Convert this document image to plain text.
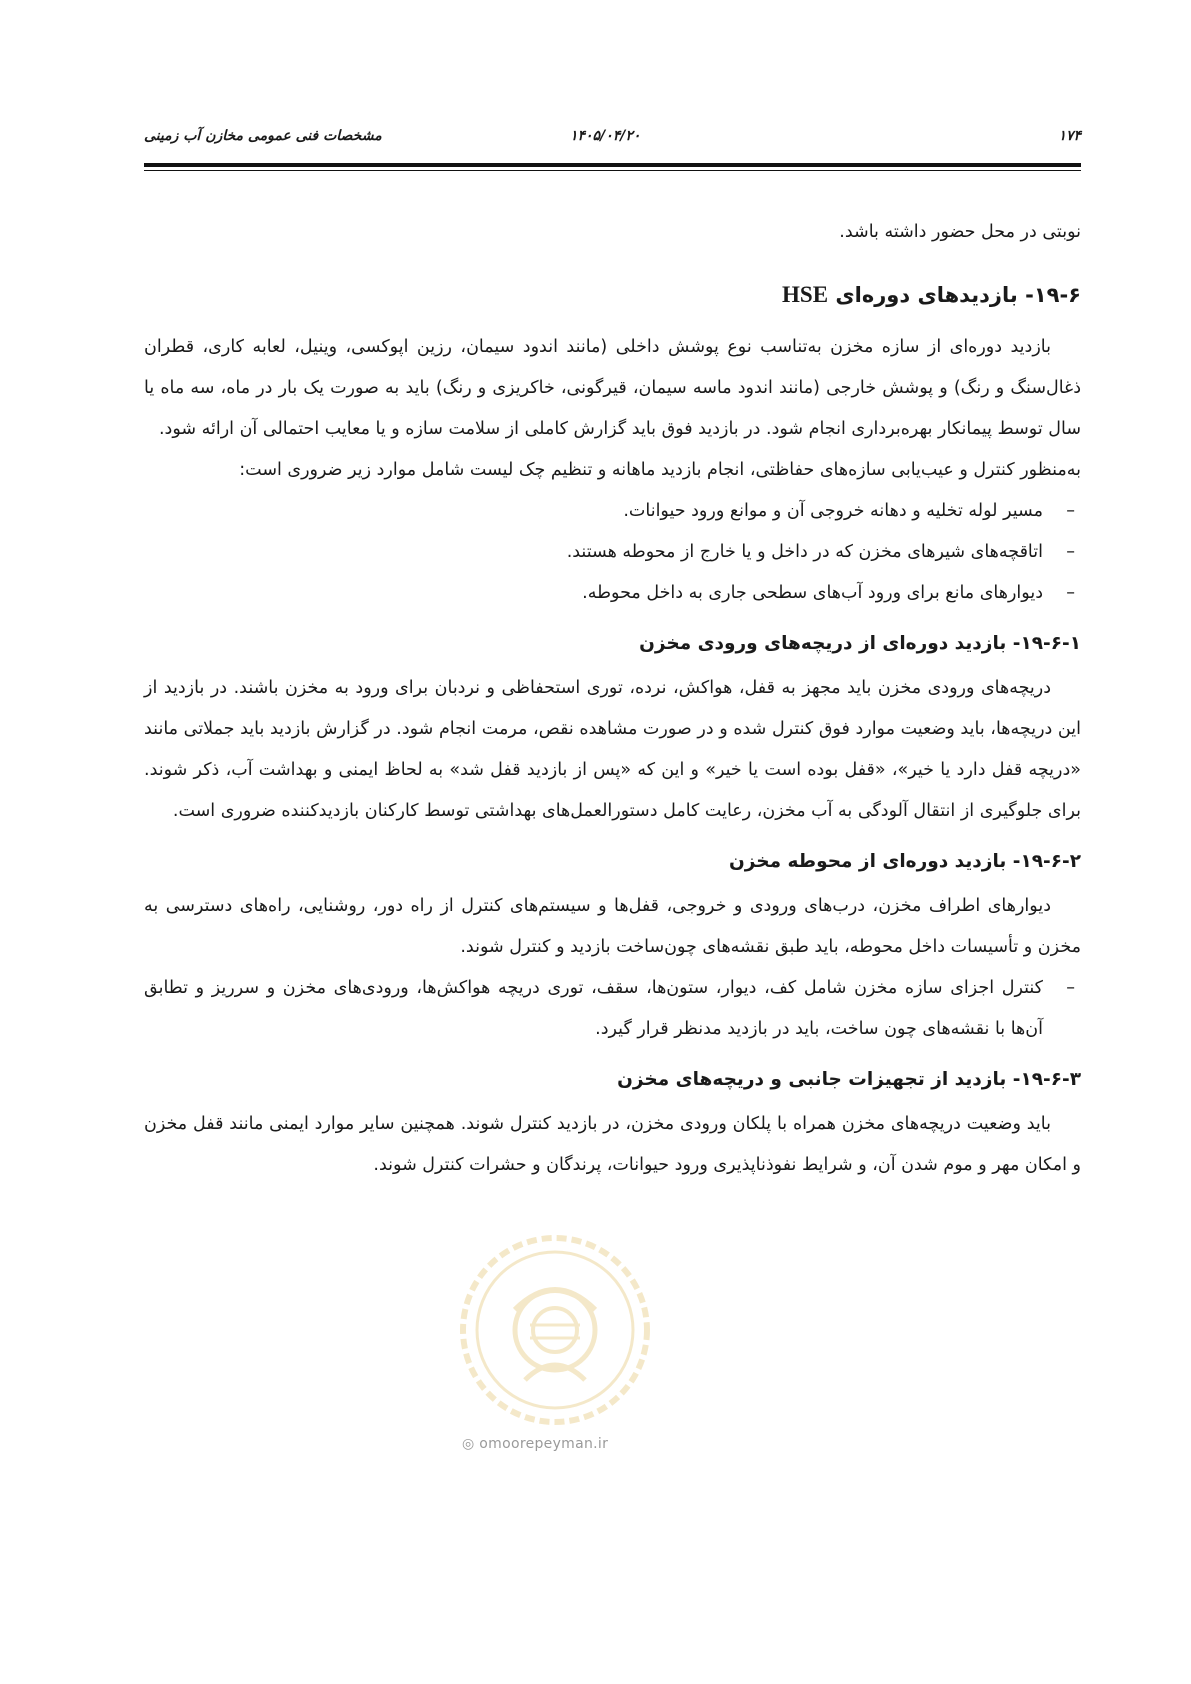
۱۷۴
۱۴۰۵/۰۴/۲۰
مشخصات فنی عمومی مخازن آب زمینی

نوبتی در محل حضور داشته باشد.

۱۹-۶- بازدیدهای دوره‌ای HSE

بازدید دوره‌ای از سازه مخزن به‌تناسب نوع پوشش داخلی (مانند اندود سیمان، رزین اپوکسی، وینیل، لعابه کاری، قطران ذغال‌سنگ و رنگ) و پوشش خارجی (مانند اندود ماسه سیمان، قیرگونی، خاکریزی و رنگ) باید به صورت یک بار در ماه، سه ماه یا سال توسط پیمانکار بهره‌برداری انجام شود. در بازدید فوق باید گزارش کاملی از سلامت سازه و یا معایب احتمالی آن ارائه شود.

به‌منظور کنترل و عیب‌یابی سازه‌های حفاظتی، انجام بازدید ماهانه و تنظیم چک لیست شامل موارد زیر ضروری است:

– مسیر لوله تخلیه و دهانه خروجی آن و موانع ورود حیوانات.
– اتاقچه‌های شیرهای مخزن که در داخل و یا خارج از محوطه هستند.
– دیوارهای مانع برای ورود آب‌های سطحی جاری به داخل محوطه.
۱۹-۶-۱- بازدید دوره‌ای از دریچه‌های ورودی مخزن

دریچه‌های ورودی مخزن باید مجهز به قفل، هواکش، نرده، توری استحفاظی و نردبان برای ورود به مخزن باشند. در بازدید از این دریچه‌ها، باید وضعیت موارد فوق کنترل شده و در صورت مشاهده نقص، مرمت انجام شود. در گزارش بازدید باید جملاتی مانند «دریچه قفل دارد یا خیر»، «قفل بوده است یا خیر» و این که «پس از بازدید قفل شد» به لحاظ ایمنی و بهداشت آب، ذکر شوند. برای جلوگیری از انتقال آلودگی به آب مخزن، رعایت کامل دستورالعمل‌های بهداشتی توسط کارکنان بازدیدکننده ضروری است.

۱۹-۶-۲- بازدید دوره‌ای از محوطه مخزن

دیوارهای اطراف مخزن، درب‌های ورودی و خروجی، قفل‌ها و سیستم‌های کنترل از راه دور، روشنایی، راه‌های دسترسی به مخزن و تأسیسات داخل محوطه، باید طبق نقشه‌های چون‌ساخت بازدید و کنترل شوند.

– کنترل اجزای سازه مخزن شامل کف، دیوار، ستون‌ها، سقف، توری دریچه هواکش‌ها، ورودی‌های مخزن و سرریز و تطابق آن‌ها با نقشه‌های چون ساخت، باید در بازدید مدنظر قرار گیرد.
۱۹-۶-۳- بازدید از تجهیزات جانبی و دریچه‌های مخزن

باید وضعیت دریچه‌های مخزن همراه با پلکان ورودی مخزن، در بازدید کنترل شوند. همچنین سایر موارد ایمنی مانند قفل مخزن و امکان مهر و موم شدن آن، و شرایط نفوذناپذیری ورود حیوانات، پرندگان و حشرات کنترل شوند.

◎ omoorepeyman.ir
